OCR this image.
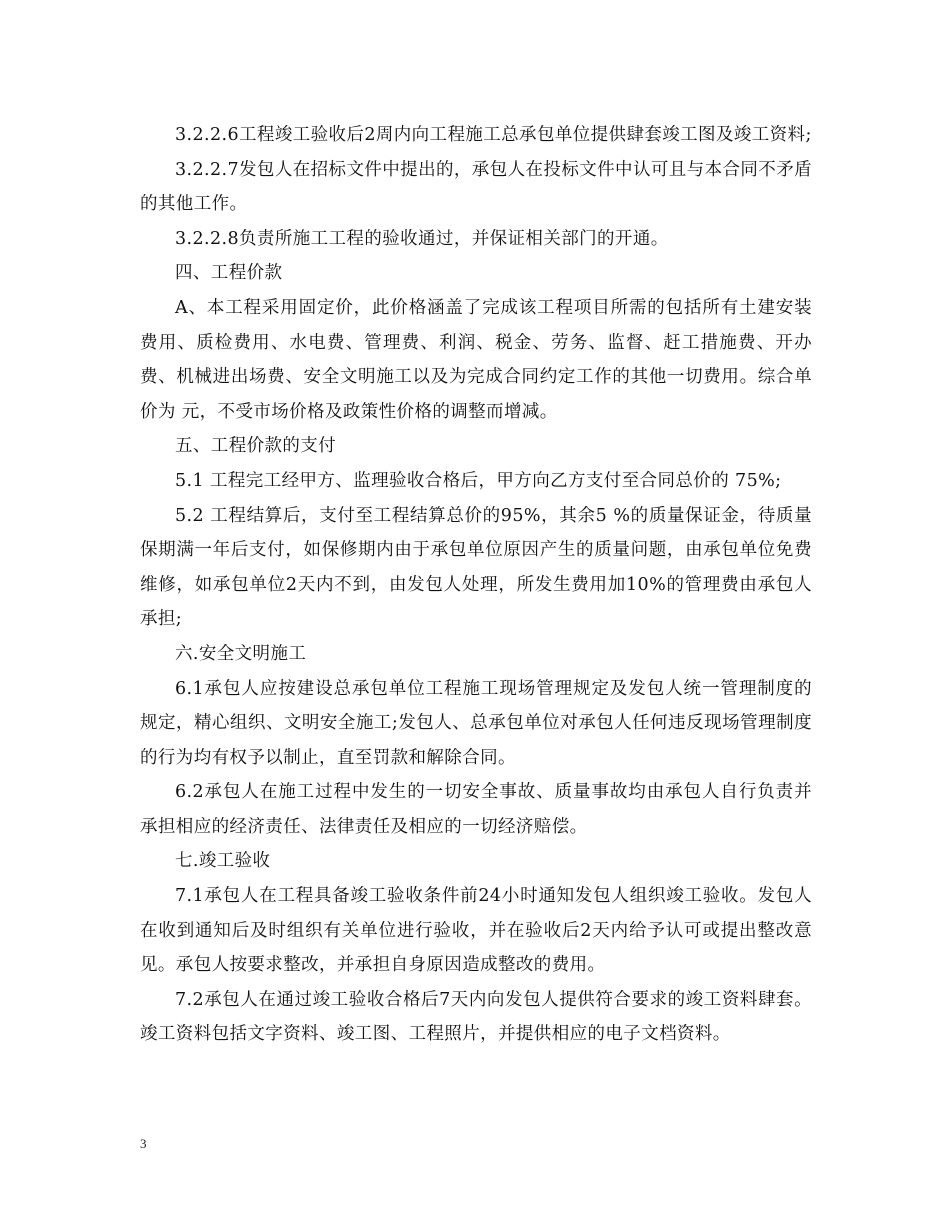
3.2.2.6工程竣工验收后2周内向工程施工总承包单位提供肆套竣工图及竣工资料;

3.2.2.7发包人在招标文件中提出的，承包人在投标文件中认可且与本合同不矛盾的其他工作。

3.2.2.8负责所施工工程的验收通过，并保证相关部门的开通。

四、工程价款

A、本工程采用固定价，此价格涵盖了完成该工程项目所需的包括所有土建安装费用、质检费用、水电费、管理费、利润、税金、劳务、监督、赶工措施费、开办费、机械进出场费、安全文明施工以及为完成合同约定工作的其他一切费用。综合单价为 元，不受市场价格及政策性价格的调整而增减。

五、工程价款的支付

5.1 工程完工经甲方、监理验收合格后，甲方向乙方支付至合同总价的 75%;

5.2 工程结算后，支付至工程结算总价的95%，其余5 %的质量保证金，待质量保期满一年后支付，如保修期内由于承包单位原因产生的质量问题，由承包单位免费维修，如承包单位2天内不到，由发包人处理，所发生费用加10%的管理费由承包人承担;

六.安全文明施工

6.1承包人应按建设总承包单位工程施工现场管理规定及发包人统一管理制度的规定，精心组织、文明安全施工;发包人、总承包单位对承包人任何违反现场管理制度的行为均有权予以制止，直至罚款和解除合同。

6.2承包人在施工过程中发生的一切安全事故、质量事故均由承包人自行负责并承担相应的经济责任、法律责任及相应的一切经济赔偿。

七.竣工验收

7.1承包人在工程具备竣工验收条件前24小时通知发包人组织竣工验收。发包人在收到通知后及时组织有关单位进行验收，并在验收后2天内给予认可或提出整改意见。承包人按要求整改，并承担自身原因造成整改的费用。

7.2承包人在通过竣工验收合格后7天内向发包人提供符合要求的竣工资料肆套。竣工资料包括文字资料、竣工图、工程照片，并提供相应的电子文档资料。

3
